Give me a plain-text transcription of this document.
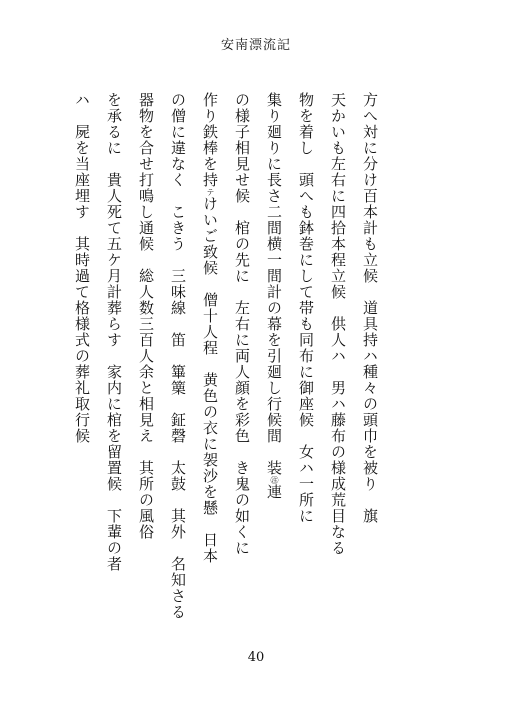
安南漂流記
方へ対に分け百本計も立候　道具持ハ種々の頭巾を被り　旗
天かいも左右に四拾本程立候　供人ハ　男ハ藤布の様成荒目なる
物を着し　頭へも鉢巻にして帯も同布に御座候　女ハ一所に
集り廻りに長さ二間横一間計の幕を引廻し行候間　装㊟連
の様子相見せ候　棺の先に　左右に両人顔を彩色　き鬼の如くに
作り鉄棒を持テけいご致候　僧十人程　黄色の衣に袈沙を懸　日本
の僧に違なく　こきう　三味線　笛　篳篥　鉦磬　太鼓　其外　名知さる
器物を合せ打鳴し通候　総人数三百人余と相見え　其所の風俗
を承るに　貴人死て五ケ月計葬らす　家内に棺を留置候　下輩の者
ハ　屍を当座埋す　其時過て格様式の葬礼取行候
40
